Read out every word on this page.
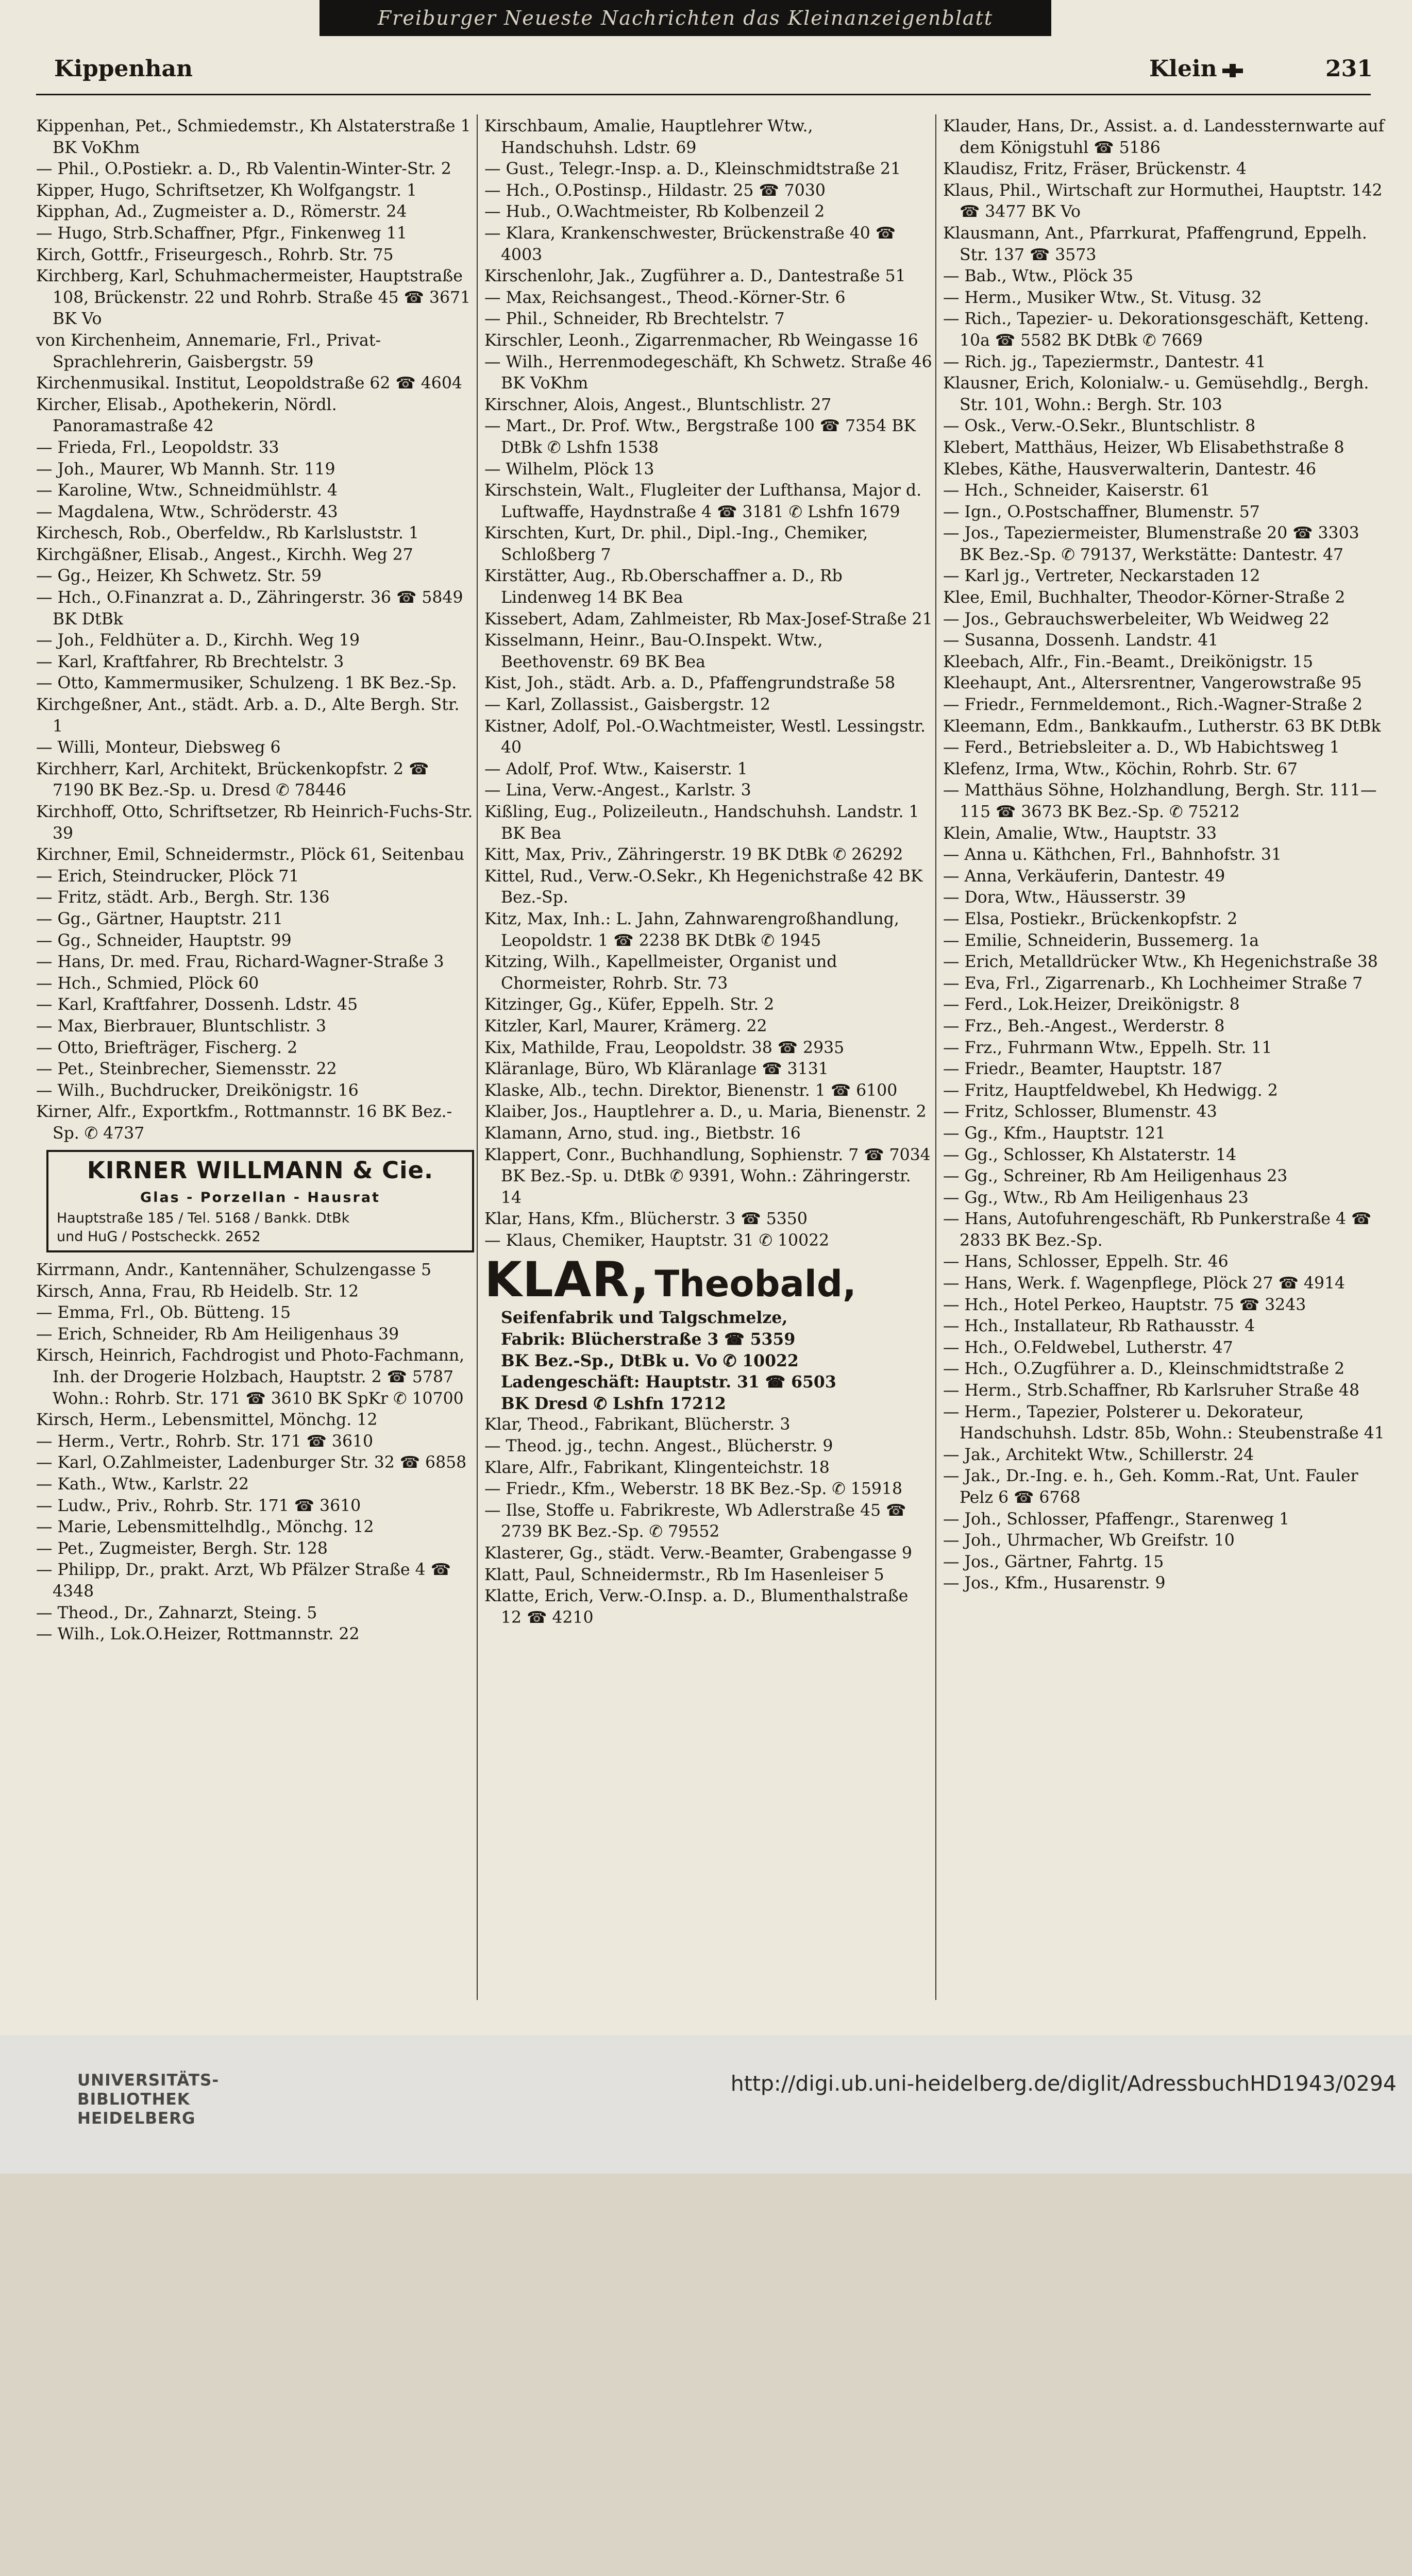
Freiburger Neueste Nachrichten das Kleinanzeigenblatt
Kippenhan	Klein	231
Kippenhan, Pet., Schmiedemstr., Kh Alstaterstraße 1 BK VoKhm
— Phil., O.Postiekr. a. D., Rb Valentin-Winter-Str. 2
Kipper, Hugo, Schriftsetzer, Kh Wolfgangstr. 1
Kipphan, Ad., Zugmeister a. D., Römerstr. 24
— Hugo, Strb.Schaffner, Pfgr., Finkenweg 11
Kirch, Gottfr., Friseurgesch., Rohrb. Str. 75
Kirchberg, Karl, Schuhmachermeister, Hauptstraße 108, Brückenstr. 22 und Rohrb. Straße 45 ☎ 3671 BK Vo
von Kirchenheim, Annemarie, Frl., Privat-Sprachlehrerin, Gaisbergstr. 59
Kirchenmusikal. Institut, Leopoldstraße 62 ☎ 4604
Kircher, Elisab., Apothekerin, Nördl. Panoramastraße 42
— Frieda, Frl., Leopoldstr. 33
— Joh., Maurer, Wb Mannh. Str. 119
— Karoline, Wtw., Schneidmühlstr. 4
— Magdalena, Wtw., Schröderstr. 43
Kirchesch, Rob., Oberfeldw., Rb Karlsluststr. 1
Kirchgäßner, Elisab., Angest., Kirchh. Weg 27
— Gg., Heizer, Kh Schwetz. Str. 59
— Hch., O.Finanzrat a. D., Zähringerstr. 36 ☎ 5849 BK DtBk
— Joh., Feldhüter a. D., Kirchh. Weg 19
— Karl, Kraftfahrer, Rb Brechtelstr. 3
— Otto, Kammermusiker, Schulzeng. 1 BK Bez.-Sp.
Kirchgeßner, Ant., städt. Arb. a. D., Alte Bergh. Str. 1
— Willi, Monteur, Diebsweg 6
Kirchherr, Karl, Architekt, Brückenkopfstr. 2 ☎ 7190 BK Bez.-Sp. u. Dresd ✆ 78446
Kirchhoff, Otto, Schriftsetzer, Rb Heinrich-Fuchs-Str. 39
Kirchner, Emil, Schneidermstr., Plöck 61, Seitenbau
— Erich, Steindrucker, Plöck 71
— Fritz, städt. Arb., Bergh. Str. 136
— Gg., Gärtner, Hauptstr. 211
— Gg., Schneider, Hauptstr. 99
— Hans, Dr. med. Frau, Richard-Wagner-Straße 3
— Hch., Schmied, Plöck 60
— Karl, Kraftfahrer, Dossenh. Ldstr. 45
— Max, Bierbrauer, Bluntschlistr. 3
— Otto, Briefträger, Fischerg. 2
— Pet., Steinbrecher, Siemensstr. 22
— Wilh., Buchdrucker, Dreikönigstr. 16
Kirner, Alfr., Exportkfm., Rottmannstr. 16 BK Bez.-Sp. ✆ 4737
KIRNER WILLMANN & Cie.
Glas - Porzellan - Hausrat
Hauptstraße 185 / Tel. 5168 / Bankk. DtBk
und HuG / Postscheckk. 2652
Kirrmann, Andr., Kantennäher, Schulzengasse 5
Kirsch, Anna, Frau, Rb Heidelb. Str. 12
— Emma, Frl., Ob. Bütteng. 15
— Erich, Schneider, Rb Am Heiligenhaus 39
Kirsch, Heinrich, Fachdrogist und Photo-Fachmann, Inh. der Drogerie Holzbach, Hauptstr. 2 ☎ 5787 Wohn.: Rohrb. Str. 171 ☎ 3610 BK SpKr ✆ 10700
Kirsch, Herm., Lebensmittel, Mönchg. 12
— Herm., Vertr., Rohrb. Str. 171 ☎ 3610
— Karl, O.Zahlmeister, Ladenburger Str. 32 ☎ 6858
— Kath., Wtw., Karlstr. 22
— Ludw., Priv., Rohrb. Str. 171 ☎ 3610
— Marie, Lebensmittelhdlg., Mönchg. 12
— Pet., Zugmeister, Bergh. Str. 128
— Philipp, Dr., prakt. Arzt, Wb Pfälzer Straße 4 ☎ 4348
— Theod., Dr., Zahnarzt, Steing. 5
— Wilh., Lok.O.Heizer, Rottmannstr. 22
Kirschbaum, Amalie, Hauptlehrer Wtw., Handschuhsh. Ldstr. 69
— Gust., Telegr.-Insp. a. D., Kleinschmidtstraße 21
— Hch., O.Postinsp., Hildastr. 25 ☎ 7030
— Hub., O.Wachtmeister, Rb Kolbenzeil 2
— Klara, Krankenschwester, Brückenstraße 40 ☎ 4003
Kirschenlohr, Jak., Zugführer a. D., Dantestraße 51
— Max, Reichsangest., Theod.-Körner-Str. 6
— Phil., Schneider, Rb Brechtelstr. 7
Kirschler, Leonh., Zigarrenmacher, Rb Weingasse 16
— Wilh., Herrenmodegeschäft, Kh Schwetz. Straße 46 BK VoKhm
Kirschner, Alois, Angest., Bluntschlistr. 27
— Mart., Dr. Prof. Wtw., Bergstraße 100 ☎ 7354 BK DtBk ✆ Lshfn 1538
— Wilhelm, Plöck 13
Kirschstein, Walt., Flugleiter der Lufthansa, Major d. Luftwaffe, Haydnstraße 4 ☎ 3181 ✆ Lshfn 1679
Kirschten, Kurt, Dr. phil., Dipl.-Ing., Chemiker, Schloßberg 7
Kirstätter, Aug., Rb.Oberschaffner a. D., Rb Lindenweg 14 BK Bea
Kissebert, Adam, Zahlmeister, Rb Max-Josef-Straße 21
Kisselmann, Heinr., Bau-O.Inspekt. Wtw., Beethovenstr. 69 BK Bea
Kist, Joh., städt. Arb. a. D., Pfaffengrundstraße 58
— Karl, Zollassist., Gaisbergstr. 12
Kistner, Adolf, Pol.-O.Wachtmeister, Westl. Lessingstr. 40
— Adolf, Prof. Wtw., Kaiserstr. 1
— Lina, Verw.-Angest., Karlstr. 3
Kißling, Eug., Polizeileutn., Handschuhsh. Landstr. 1 BK Bea
Kitt, Max, Priv., Zähringerstr. 19 BK DtBk ✆ 26292
Kittel, Rud., Verw.-O.Sekr., Kh Hegenichstraße 42 BK Bez.-Sp.
Kitz, Max, Inh.: L. Jahn, Zahnwarengroßhandlung, Leopoldstr. 1 ☎ 2238 BK DtBk ✆ 1945
Kitzing, Wilh., Kapellmeister, Organist und Chormeister, Rohrb. Str. 73
Kitzinger, Gg., Küfer, Eppelh. Str. 2
Kitzler, Karl, Maurer, Krämerg. 22
Kix, Mathilde, Frau, Leopoldstr. 38 ☎ 2935
Kläranlage, Büro, Wb Kläranlage ☎ 3131
Klaske, Alb., techn. Direktor, Bienenstr. 1 ☎ 6100
Klaiber, Jos., Hauptlehrer a. D., u. Maria, Bienenstr. 2
Klamann, Arno, stud. ing., Bietbstr. 16
Klappert, Conr., Buchhandlung, Sophienstr. 7 ☎ 7034 BK Bez.-Sp. u. DtBk ✆ 9391, Wohn.: Zähringerstr. 14
Klar, Hans, Kfm., Blücherstr. 3 ☎ 5350
— Klaus, Chemiker, Hauptstr. 31 ✆ 10022
KLAR, Theobald,
Seifenfabrik und Talgschmelze,
Fabrik: Blücherstraße 3 ☎ 5359
BK Bez.-Sp., DtBk u. Vo ✆ 10022
Ladengeschäft: Hauptstr. 31 ☎ 6503
BK Dresd ✆ Lshfn 17212
Klar, Theod., Fabrikant, Blücherstr. 3
— Theod. jg., techn. Angest., Blücherstr. 9
Klare, Alfr., Fabrikant, Klingenteichstr. 18
— Friedr., Kfm., Weberstr. 18 BK Bez.-Sp. ✆ 15918
— Ilse, Stoffe u. Fabrikreste, Wb Adlerstraße 45 ☎ 2739 BK Bez.-Sp. ✆ 79552
Klasterer, Gg., städt. Verw.-Beamter, Grabengasse 9
Klatt, Paul, Schneidermstr., Rb Im Hasenleiser 5
Klatte, Erich, Verw.-O.Insp. a. D., Blumenthalstraße 12 ☎ 4210
Klauder, Hans, Dr., Assist. a. d. Landessternwarte auf dem Königstuhl ☎ 5186
Klaudisz, Fritz, Fräser, Brückenstr. 4
Klaus, Phil., Wirtschaft zur Hormuthei, Hauptstr. 142 ☎ 3477 BK Vo
Klausmann, Ant., Pfarrkurat, Pfaffengrund, Eppelh. Str. 137 ☎ 3573
— Bab., Wtw., Plöck 35
— Herm., Musiker Wtw., St. Vitusg. 32
— Rich., Tapezier- u. Dekorationsgeschäft, Ketteng. 10a ☎ 5582 BK DtBk ✆ 7669
— Rich. jg., Tapeziermstr., Dantestr. 41
Klausner, Erich, Kolonialw.- u. Gemüsehdlg., Bergh. Str. 101, Wohn.: Bergh. Str. 103
— Osk., Verw.-O.Sekr., Bluntschlistr. 8
Klebert, Matthäus, Heizer, Wb Elisabethstraße 8
Klebes, Käthe, Hausverwalterin, Dantestr. 46
— Hch., Schneider, Kaiserstr. 61
— Ign., O.Postschaffner, Blumenstr. 57
— Jos., Tapeziermeister, Blumenstraße 20 ☎ 3303 BK Bez.-Sp. ✆ 79137, Werkstätte: Dantestr. 47
— Karl jg., Vertreter, Neckarstaden 12
Klee, Emil, Buchhalter, Theodor-Körner-Straße 2
— Jos., Gebrauchswerbeleiter, Wb Weidweg 22
— Susanna, Dossenh. Landstr. 41
Kleebach, Alfr., Fin.-Beamt., Dreikönigstr. 15
Kleehaupt, Ant., Altersrentner, Vangerowstraße 95
— Friedr., Fernmeldemont., Rich.-Wagner-Straße 2
Kleemann, Edm., Bankkaufm., Lutherstr. 63 BK DtBk
— Ferd., Betriebsleiter a. D., Wb Habichtsweg 1
Klefenz, Irma, Wtw., Köchin, Rohrb. Str. 67
— Matthäus Söhne, Holzhandlung, Bergh. Str. 111—115 ☎ 3673 BK Bez.-Sp. ✆ 75212
Klein, Amalie, Wtw., Hauptstr. 33
— Anna u. Käthchen, Frl., Bahnhofstr. 31
— Anna, Verkäuferin, Dantestr. 49
— Dora, Wtw., Häusserstr. 39
— Elsa, Postiekr., Brückenkopfstr. 2
— Emilie, Schneiderin, Bussemerg. 1a
— Erich, Metalldrücker Wtw., Kh Hegenichstraße 38
— Eva, Frl., Zigarrenarb., Kh Lochheimer Straße 7
— Ferd., Lok.Heizer, Dreikönigstr. 8
— Frz., Beh.-Angest., Werderstr. 8
— Frz., Fuhrmann Wtw., Eppelh. Str. 11
— Friedr., Beamter, Hauptstr. 187
— Fritz, Hauptfeldwebel, Kh Hedwigg. 2
— Fritz, Schlosser, Blumenstr. 43
— Gg., Kfm., Hauptstr. 121
— Gg., Schlosser, Kh Alstaterstr. 14
— Gg., Schreiner, Rb Am Heiligenhaus 23
— Gg., Wtw., Rb Am Heiligenhaus 23
— Hans, Autofuhrengeschäft, Rb Punkerstraße 4 ☎ 2833 BK Bez.-Sp.
— Hans, Schlosser, Eppelh. Str. 46
— Hans, Werk. f. Wagenpflege, Plöck 27 ☎ 4914
— Hch., Hotel Perkeo, Hauptstr. 75 ☎ 3243
— Hch., Installateur, Rb Rathausstr. 4
— Hch., O.Feldwebel, Lutherstr. 47
— Hch., O.Zugführer a. D., Kleinschmidtstraße 2
— Herm., Strb.Schaffner, Rb Karlsruher Straße 48
— Herm., Tapezier, Polsterer u. Dekorateur, Handschuhsh. Ldstr. 85b, Wohn.: Steubenstraße 41
— Jak., Architekt Wtw., Schillerstr. 24
— Jak., Dr.-Ing. e. h., Geh. Komm.-Rat, Unt. Fauler Pelz 6 ☎ 6768
— Joh., Schlosser, Pfaffengr., Starenweg 1
— Joh., Uhrmacher, Wb Greifstr. 10
— Jos., Gärtner, Fahrtg. 15
— Jos., Kfm., Husarenstr. 9
UNIVERSITÄTS-
BIBLIOTHEK
HEIDELBERG
http://digi.ub.uni-heidelberg.de/diglit/AdressbuchHD1943/0294
